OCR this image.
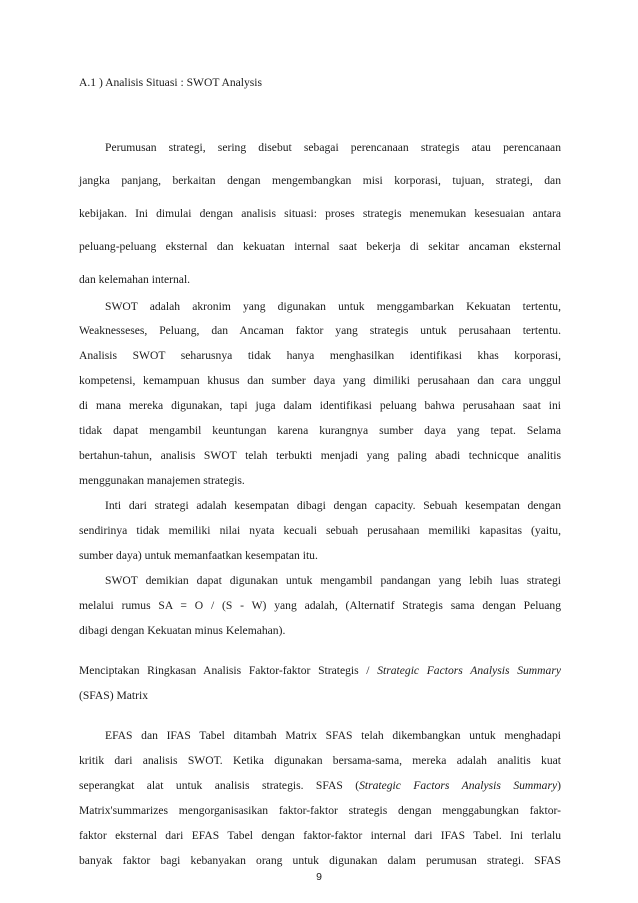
A.1 ) Analisis Situasi : SWOT Analysis
Perumusan strategi, sering disebut sebagai perencanaan strategis atau perencanaan
jangka panjang, berkaitan dengan mengembangkan misi korporasi, tujuan, strategi, dan
kebijakan. Ini dimulai dengan analisis situasi: proses strategis menemukan kesesuaian antara
peluang-peluang eksternal dan kekuatan internal saat bekerja di sekitar ancaman eksternal
dan kelemahan internal.
SWOT adalah akronim yang digunakan untuk menggambarkan Kekuatan tertentu,
Weaknesseses, Peluang, dan Ancaman faktor yang strategis untuk perusahaan tertentu.
Analisis SWOT seharusnya tidak hanya menghasilkan identifikasi khas korporasi,
kompetensi, kemampuan khusus dan sumber daya yang dimiliki perusahaan dan cara unggul
di mana mereka digunakan, tapi juga dalam identifikasi peluang bahwa perusahaan saat ini
tidak dapat mengambil keuntungan karena kurangnya sumber daya yang tepat. Selama
bertahun-tahun, analisis SWOT telah terbukti menjadi yang paling abadi technicque analitis
menggunakan manajemen strategis.
Inti dari strategi adalah kesempatan dibagi dengan capacity. Sebuah kesempatan dengan
sendirinya tidak memiliki nilai nyata kecuali sebuah perusahaan memiliki kapasitas (yaitu,
sumber daya) untuk memanfaatkan kesempatan itu.
SWOT demikian dapat digunakan untuk mengambil pandangan yang lebih luas strategi
melalui rumus SA = O / (S - W) yang adalah, (Alternatif Strategis sama dengan Peluang
dibagi dengan Kekuatan minus Kelemahan).
Menciptakan Ringkasan Analisis Faktor-faktor Strategis / Strategic Factors Analysis Summary
(SFAS) Matrix
EFAS dan IFAS Tabel ditambah Matrix SFAS telah dikembangkan untuk menghadapi
kritik dari analisis SWOT. Ketika digunakan bersama-sama, mereka adalah analitis kuat
seperangkat alat untuk analisis strategis. SFAS (Strategic Factors Analysis Summary)
Matrix'summarizes mengorganisasikan faktor-faktor strategis dengan menggabungkan faktor-
faktor eksternal dari EFAS Tabel dengan faktor-faktor internal dari IFAS Tabel. Ini terlalu
banyak faktor bagi kebanyakan orang untuk digunakan dalam perumusan strategi. SFAS
9
